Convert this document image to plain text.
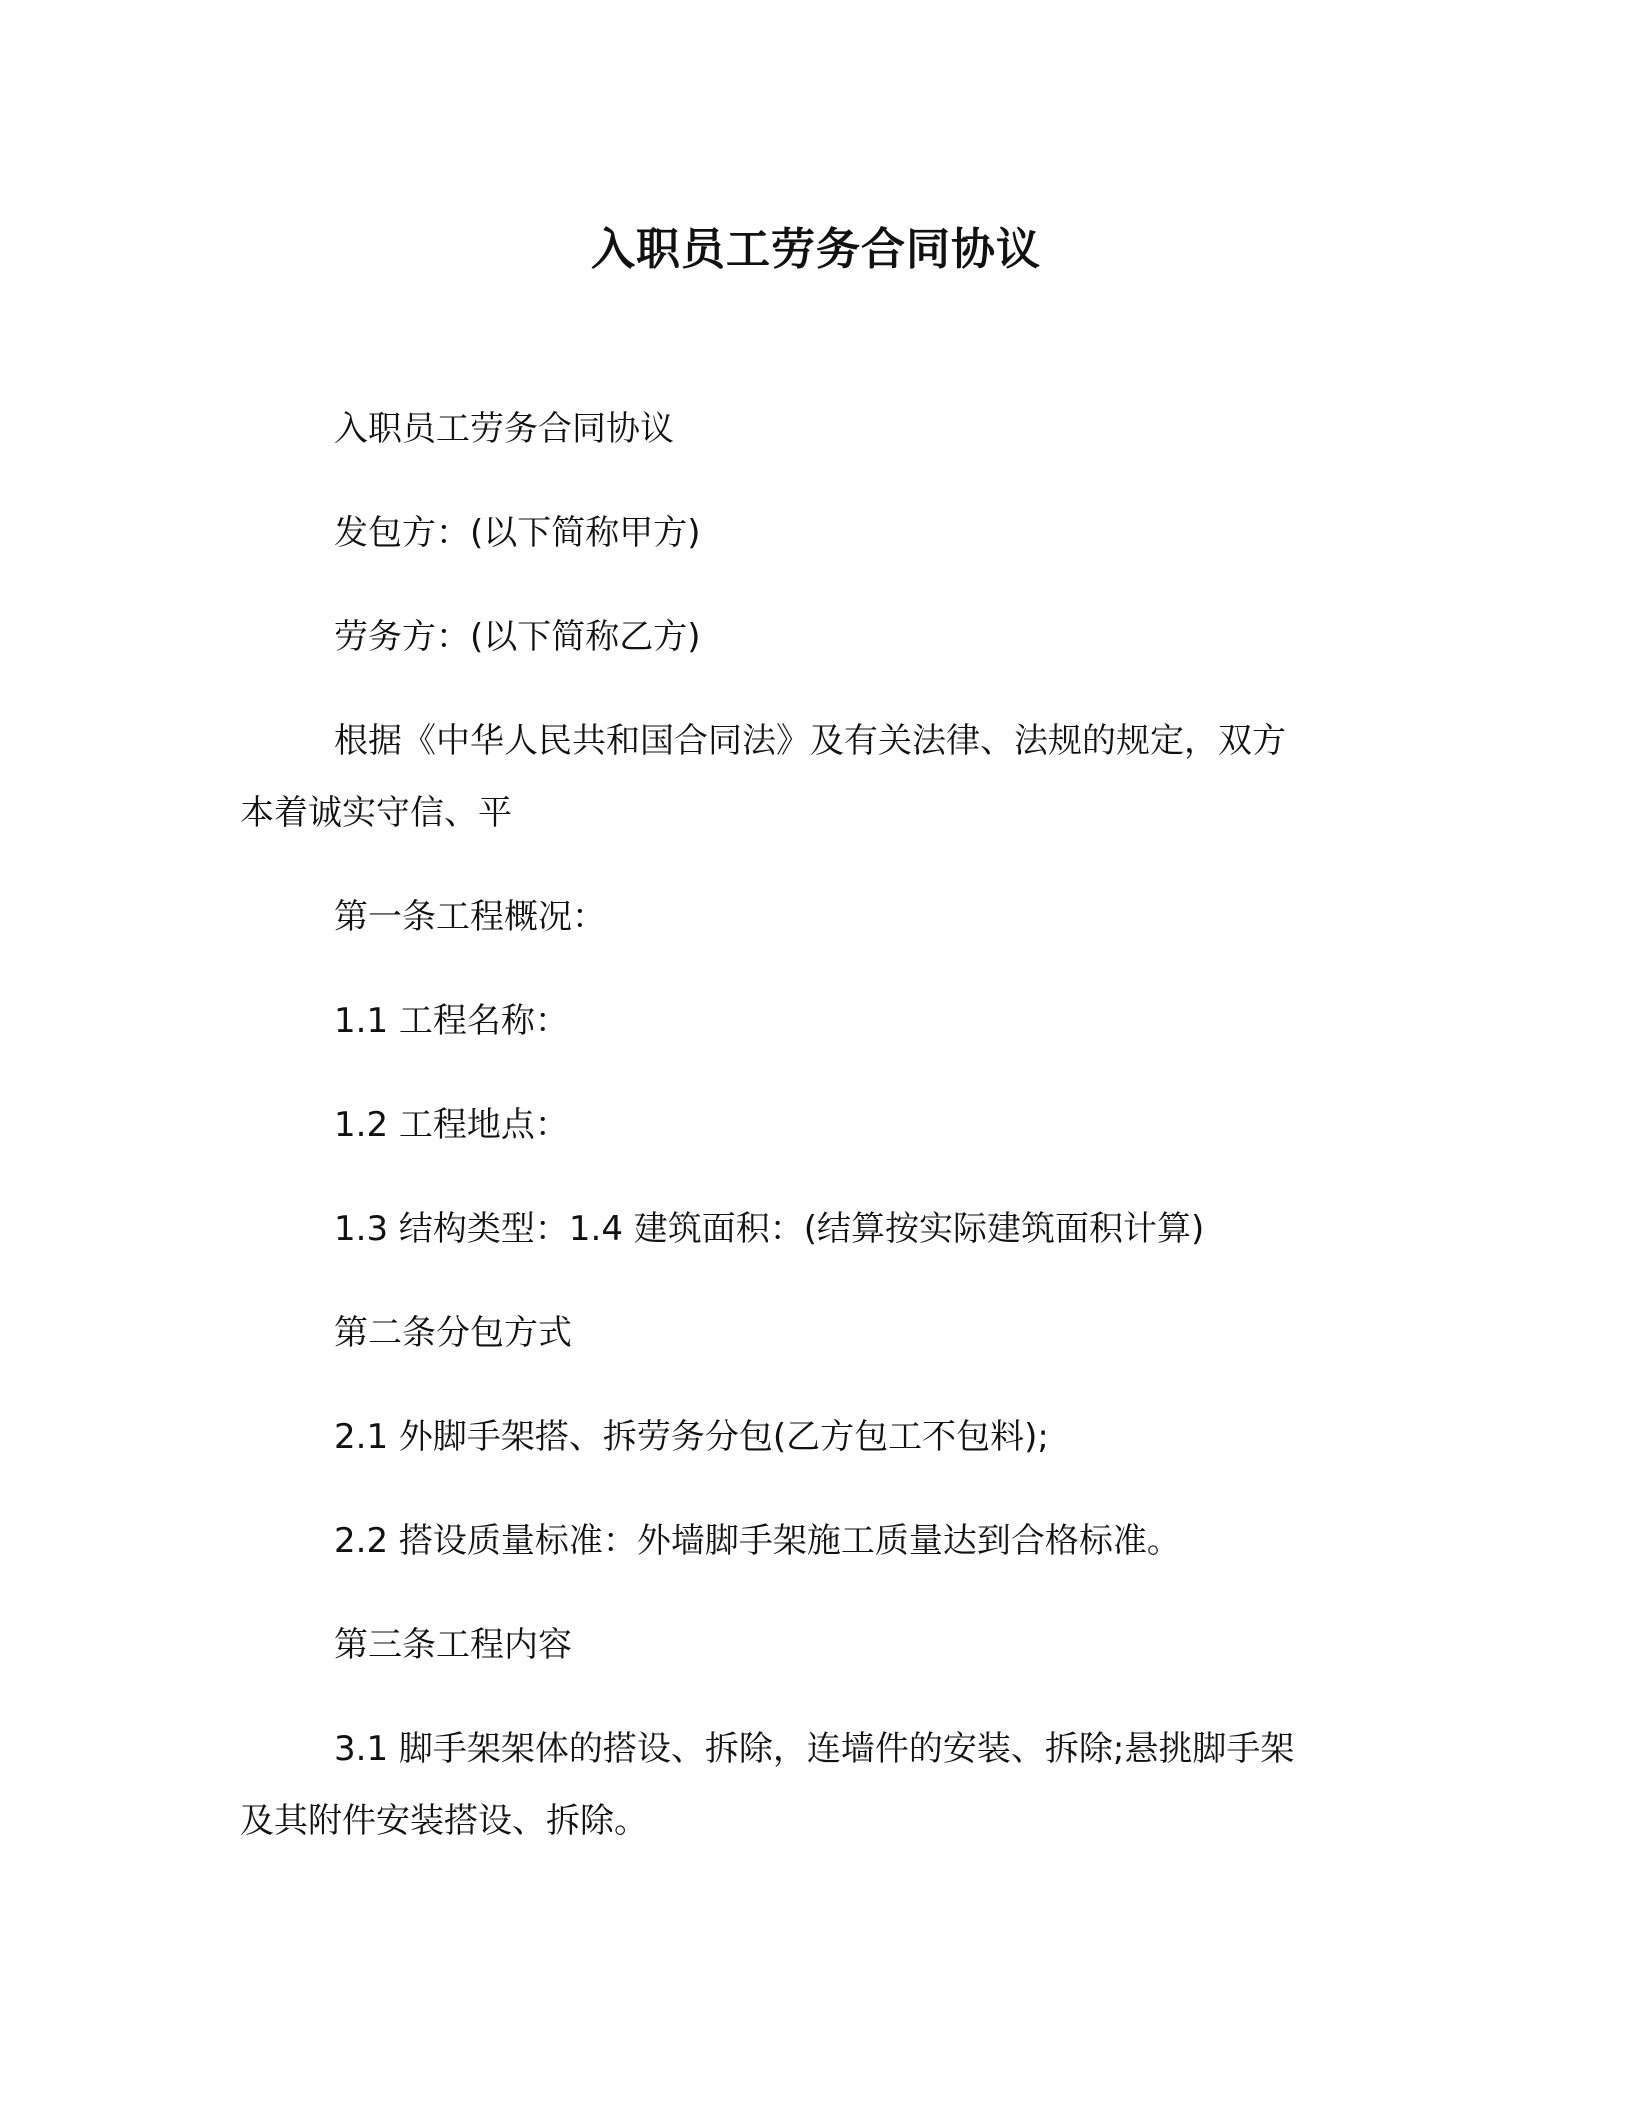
入职员工劳务合同协议

入职员工劳务合同协议

发包方：(以下简称甲方)

劳务方：(以下简称乙方)

根据《中华人民共和国合同法》及有关法律、法规的规定，双方
本着诚实守信、平

第一条工程概况：

1.1 工程名称：

1.2 工程地点：

1.3 结构类型：1.4 建筑面积：(结算按实际建筑面积计算)

第二条分包方式

2.1 外脚手架搭、拆劳务分包(乙方包工不包料);

2.2 搭设质量标准：外墙脚手架施工质量达到合格标准。

第三条工程内容

3.1 脚手架架体的搭设、拆除，连墙件的安装、拆除;悬挑脚手架
及其附件安装搭设、拆除。
